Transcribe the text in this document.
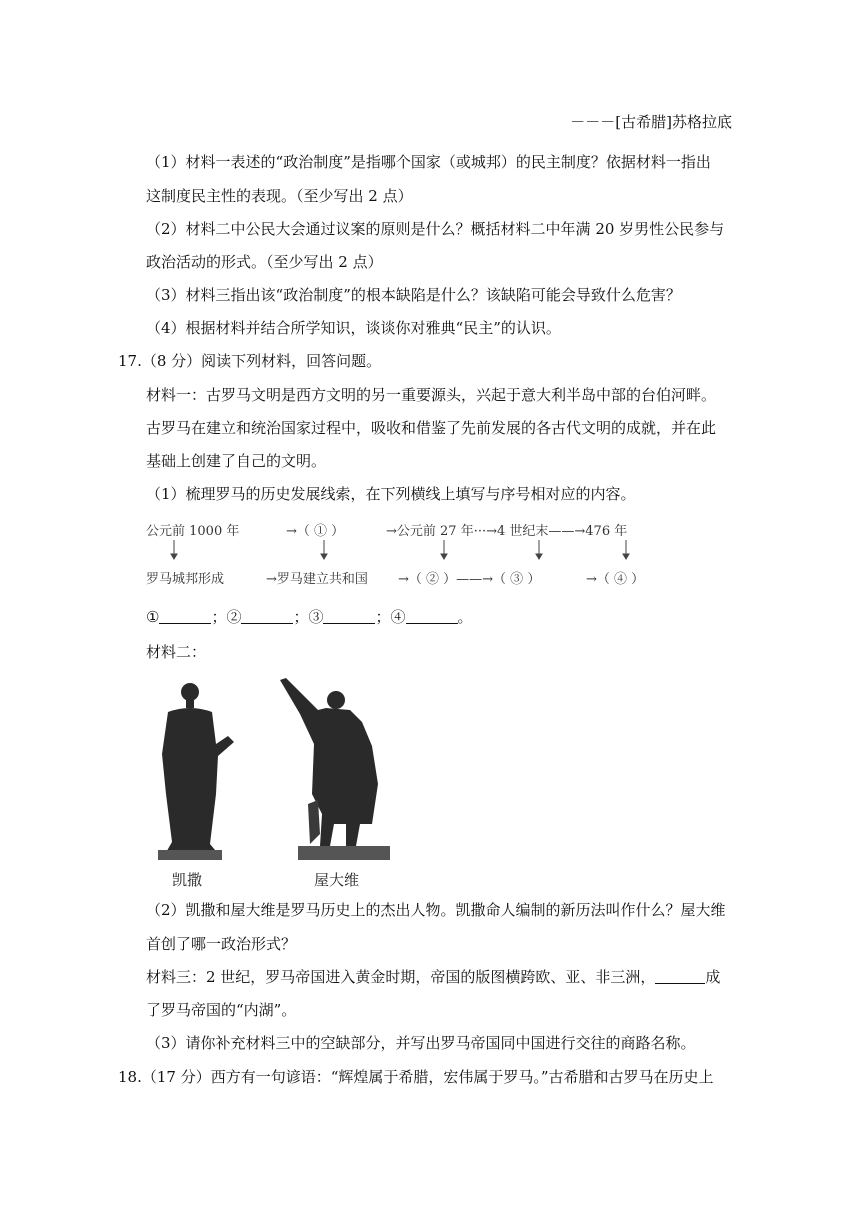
－－－[古希腊]苏格拉底
（1）材料一表述的“政治制度”是指哪个国家（或城邦）的民主制度？依据材料一指出
这制度民主性的表现。（至少写出 2 点）
（2）材料二中公民大会通过议案的原则是什么？概括材料二中年满 20 岁男性公民参与
政治活动的形式。（至少写出 2 点）
（3）材料三指出该“政治制度”的根本缺陷是什么？该缺陷可能会导致什么危害？
（4）根据材料并结合所学知识，谈谈你对雅典“民主”的认识。
17.（8 分）阅读下列材料，回答问题。
材料一：古罗马文明是西方文明的另一重要源头，兴起于意大利半岛中部的台伯河畔。
古罗马在建立和统治国家过程中，吸收和借鉴了先前发展的各古代文明的成就，并在此
基础上创建了自己的文明。
（1）梳理罗马的历史发展线索，在下列横线上填写与序号相对应的内容。
公元前 1000 年	→（ ① ）	→公元前 27 年···→4 世纪末——→476 年
罗马城邦形成	→罗马建立共和国 →（ ② ）——→（ ③ ）	→（ ④ ）
①	；②	；③	；④	。
材料二：
凯撒	屋大维
（2）凯撒和屋大维是罗马历史上的杰出人物。凯撒命人编制的新历法叫作什么？屋大维
首创了哪一政治形式？
材料三：2 世纪，罗马帝国进入黄金时期，帝国的版图横跨欧、亚、非三洲，	成
了罗马帝国的“内湖”。
（3）请你补充材料三中的空缺部分，并写出罗马帝国同中国进行交往的商路名称。
18.（17 分）西方有一句谚语：“辉煌属于希腊，宏伟属于罗马。”古希腊和古罗马在历史上
